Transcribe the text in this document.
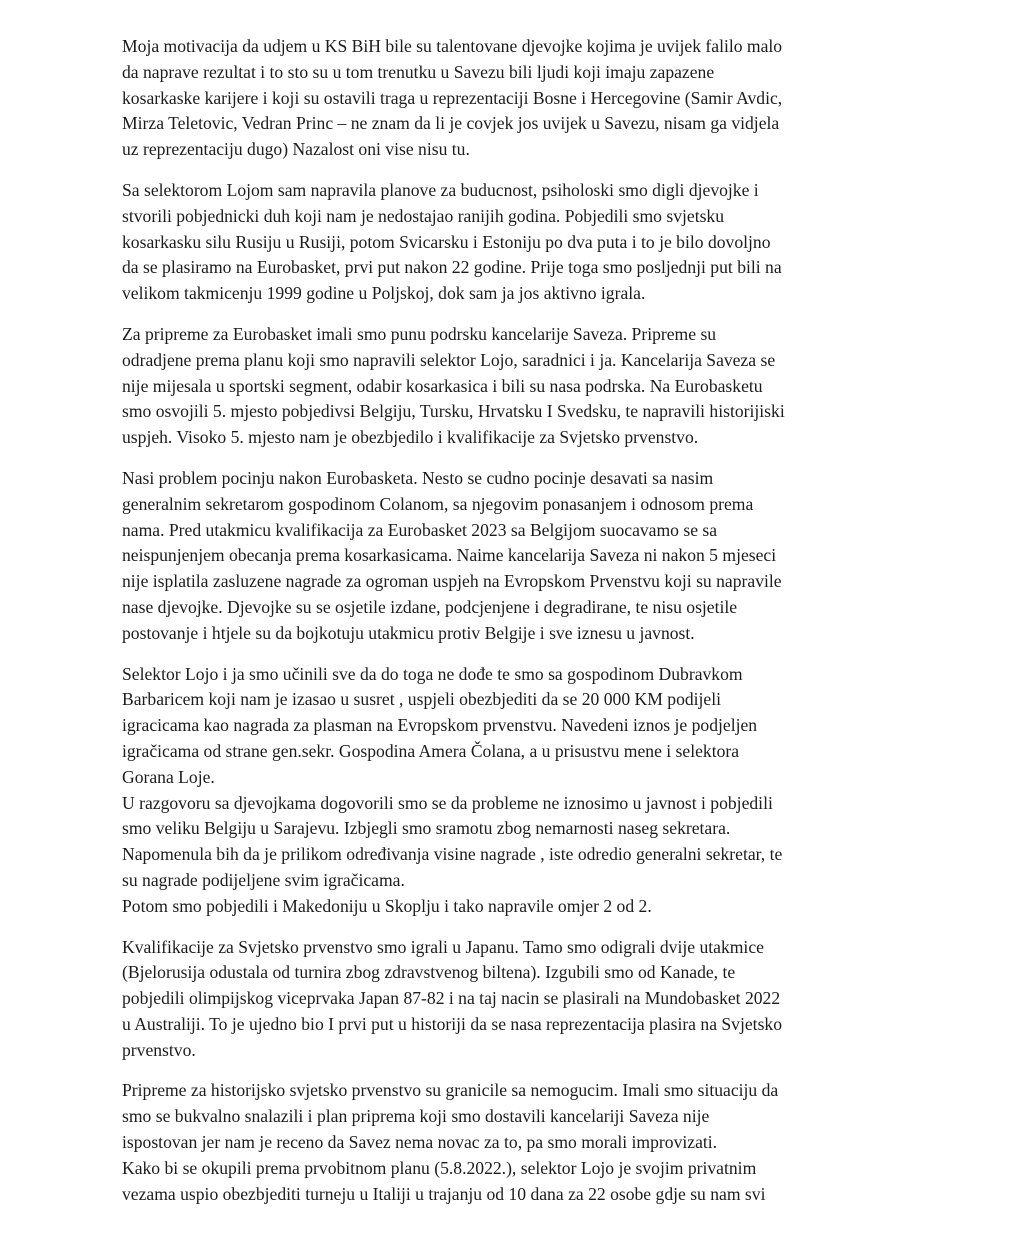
Moja motivacija da udjem u KS BiH bile su talentovane djevojke kojima je uvijek falilo malo
da naprave rezultat i to sto su u tom trenutku u Savezu bili ljudi koji imaju zapazene
kosarkaske karijere i koji su ostavili traga u reprezentaciji Bosne i Hercegovine (Samir Avdic,
Mirza Teletovic, Vedran Princ – ne znam da li je covjek jos uvijek u Savezu, nisam ga vidjela
uz reprezentaciju dugo) Nazalost oni vise nisu tu.
Sa selektorom Lojom sam napravila planove za buducnost, psiholoski smo digli djevojke i
stvorili pobjednicki duh koji nam je nedostajao ranijih godina. Pobjedili smo svjetsku
kosarkasku silu Rusiju u Rusiji, potom Svicarsku i Estoniju po dva puta i to je bilo dovoljno
da se plasiramo na Eurobasket, prvi put nakon 22 godine. Prije toga smo posljednji put bili na
velikom takmicenju 1999 godine u Poljskoj, dok sam ja jos aktivno igrala.
Za pripreme za Eurobasket imali smo punu podrsku kancelarije Saveza. Pripreme su
odradjene prema planu koji smo napravili selektor Lojo, saradnici i ja. Kancelarija Saveza se
nije mijesala u sportski segment, odabir kosarkasica i bili su nasa podrska. Na Eurobasketu
smo osvojili 5. mjesto pobjedivsi Belgiju, Tursku, Hrvatsku I Svedsku, te napravili historijiski
uspjeh. Visoko 5. mjesto nam je obezbjedilo i kvalifikacije za Svjetsko prvenstvo.
Nasi problem pocinju nakon Eurobasketa. Nesto se cudno pocinje desavati sa nasim
generalnim sekretarom gospodinom Colanom, sa njegovim ponasanjem i odnosom prema
nama. Pred utakmicu kvalifikacija za Eurobasket 2023 sa Belgijom suocavamo se sa
neispunjenjem obecanja prema kosarkasicama. Naime kancelarija Saveza ni nakon 5 mjeseci
nije isplatila zasluzene nagrade za ogroman uspjeh na Evropskom Prvenstvu koji su napravile
nase djevojke. Djevojke su se osjetile izdane, podcjenjene i degradirane, te nisu osjetile
postovanje i htjele su da bojkotuju utakmicu protiv Belgije i sve iznesu u javnost.
Selektor Lojo i ja smo učinili sve da do toga ne dođe te smo sa gospodinom Dubravkom
Barbaricem koji nam je izasao u susret , uspjeli obezbjediti da se 20 000 KM podijeli
igracicama kao nagrada za plasman na Evropskom prvenstvu. Navedeni iznos je podjeljen
igračicama od strane gen.sekr. Gospodina Amera Čolana, a u prisustvu mene i selektora
Gorana Loje.
U razgovoru sa djevojkama dogovorili smo se da probleme ne iznosimo u javnost i pobjedili
smo veliku Belgiju u Sarajevu. Izbjegli smo sramotu zbog nemarnosti naseg sekretara.
Napomenula bih da je prilikom određivanja visine nagrade , iste odredio generalni sekretar, te
su nagrade podijeljene svim igračicama.
Potom smo pobjedili i Makedoniju u Skoplju i tako napravile omjer 2 od 2.
Kvalifikacije za Svjetsko prvenstvo smo igrali u Japanu. Tamo smo odigrali dvije utakmice
(Bjelorusija odustala od turnira zbog zdravstvenog biltena). Izgubili smo od Kanade, te
pobjedili olimpijskog viceprvaka Japan 87-82 i na taj nacin se plasirali na Mundobasket 2022
u Australiji. To je ujedno bio I prvi put u historiji da se nasa reprezentacija plasira na Svjetsko
prvenstvo.
Pripreme za historijsko svjetsko prvenstvo su granicile sa nemogucim. Imali smo situaciju da
smo se bukvalno snalazili i plan priprema koji smo dostavili kancelariji Saveza nije
ispostovan jer nam je receno da Savez nema novac za to, pa smo morali improvizati.
Kako bi se okupili prema prvobitnom planu (5.8.2022.), selektor Lojo je svojim privatnim
vezama uspio obezbjediti turneju u Italiji u trajanju od 10 dana za 22 osobe gdje su nam svi
